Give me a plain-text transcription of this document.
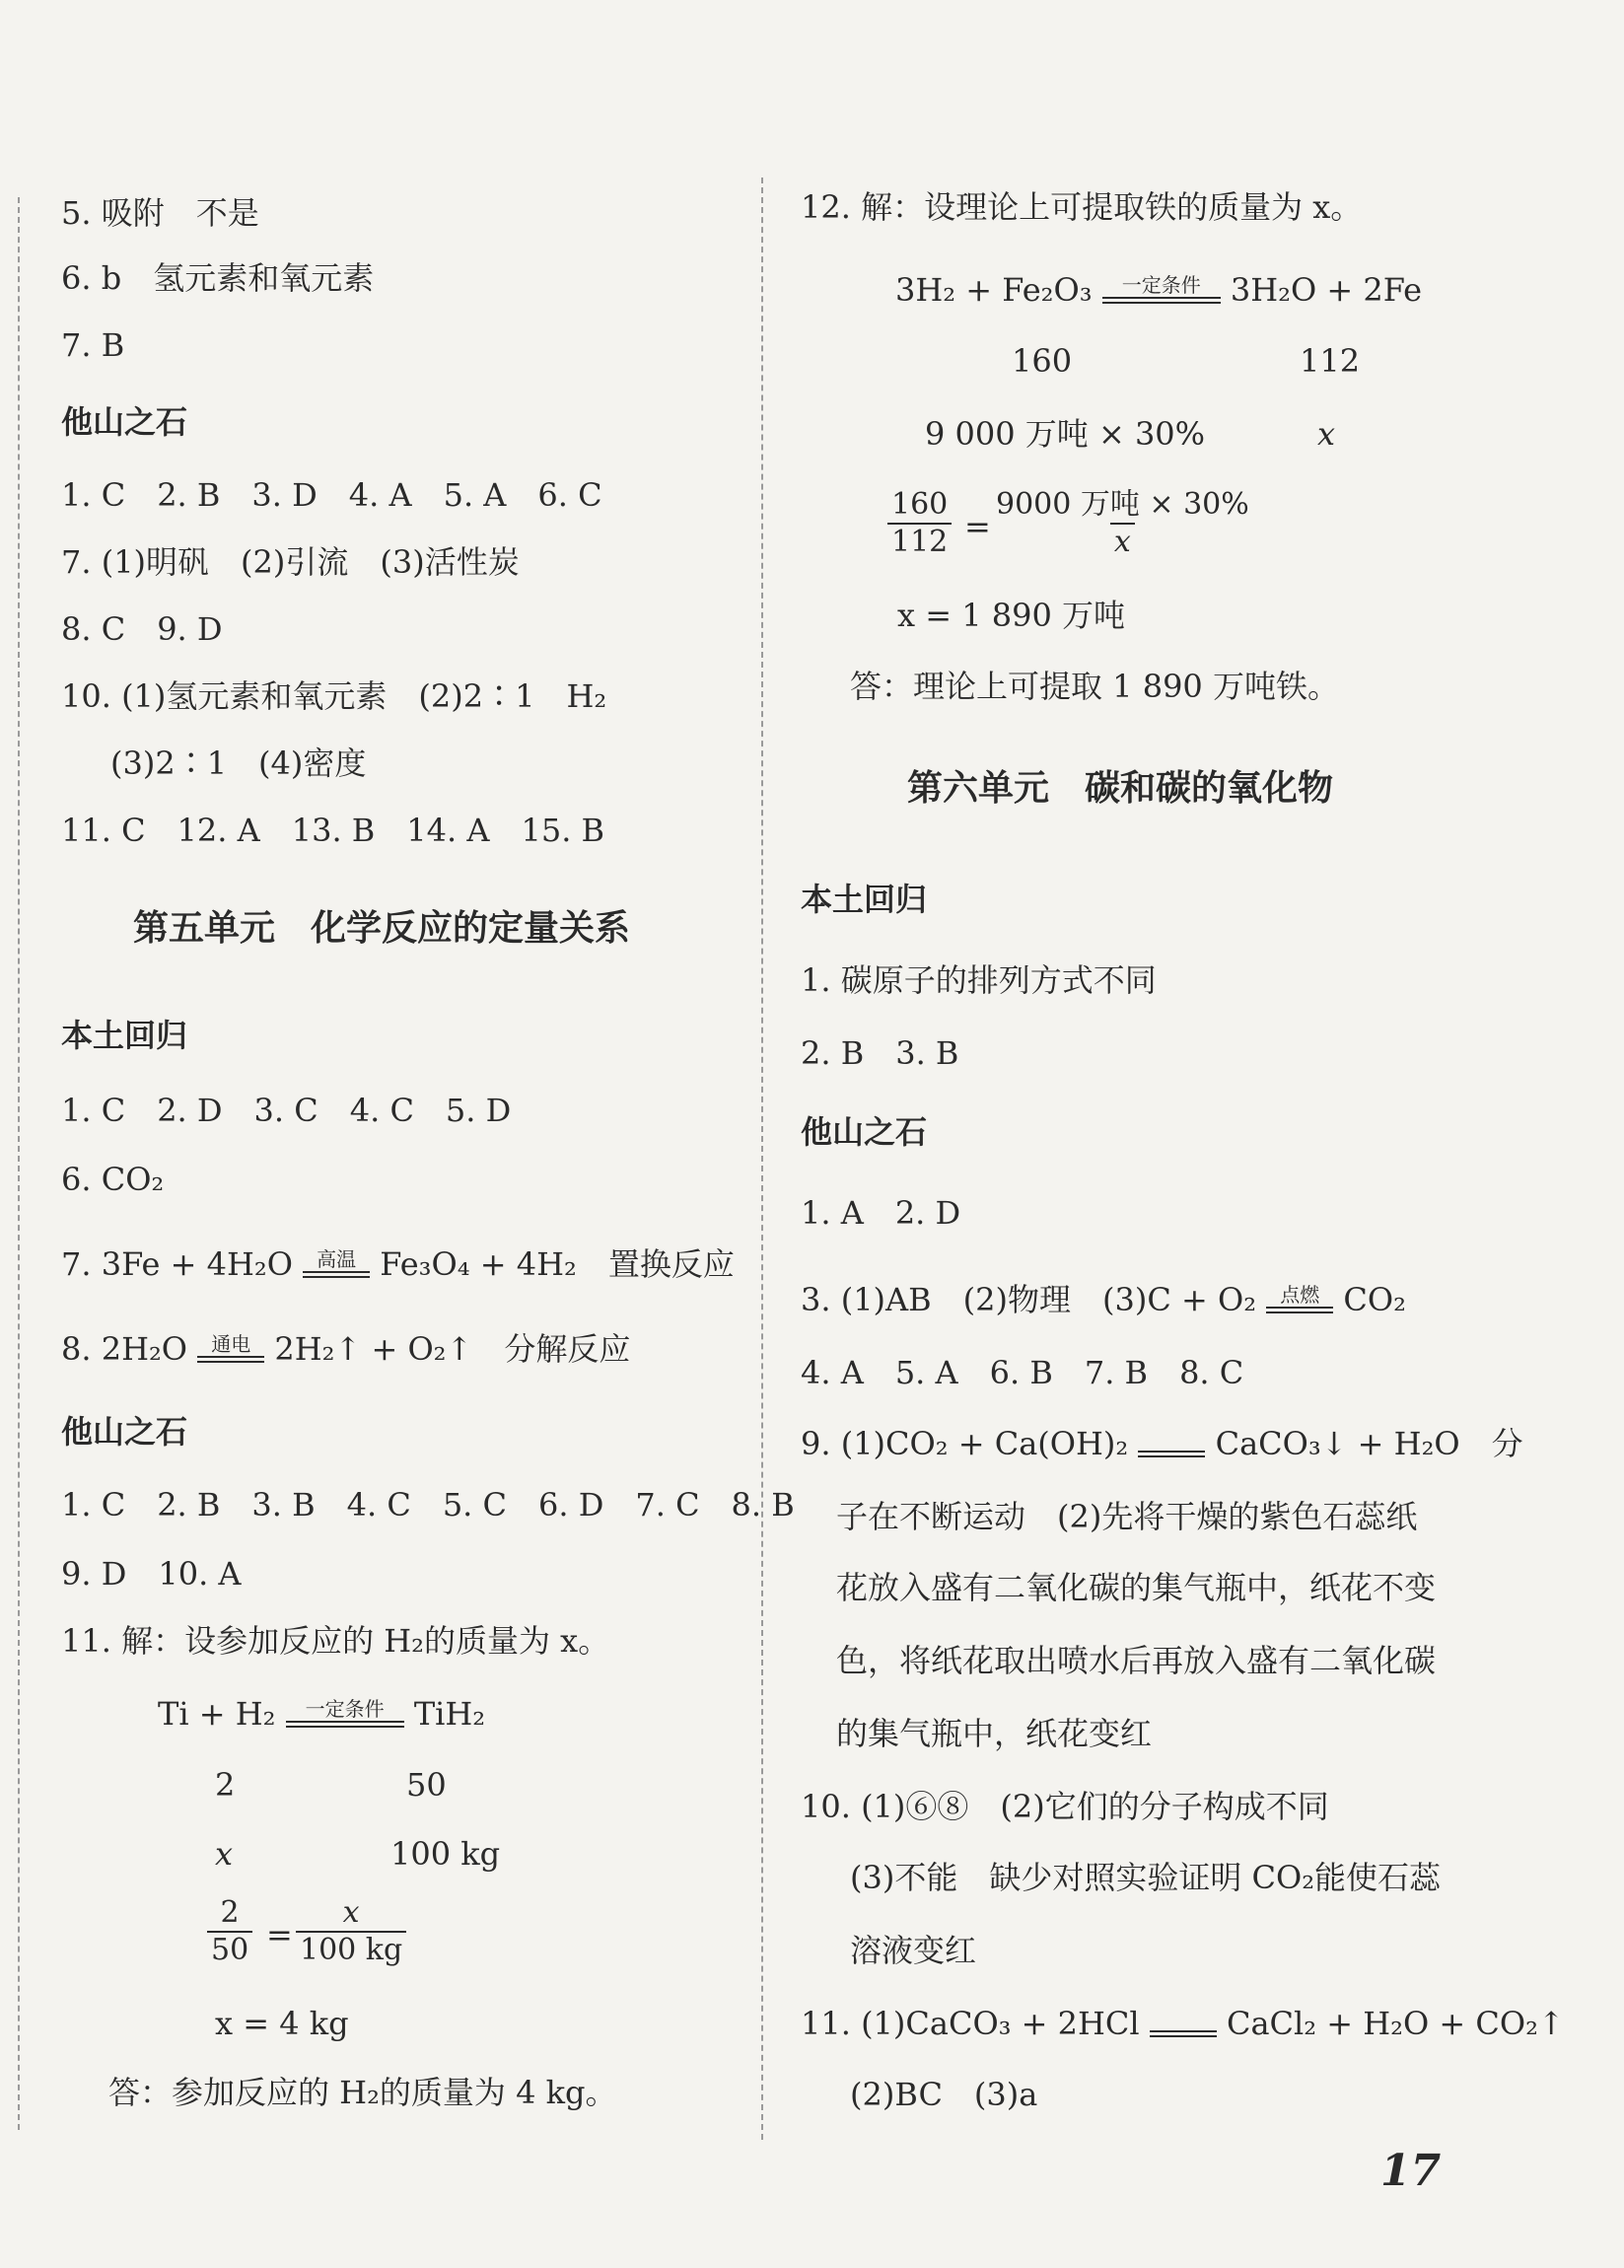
5. 吸附　不是
6. b　氢元素和氧元素
7. B
他山之石
1. C　2. B　3. D　4. A　5. A　6. C
7. (1)明矾　(2)引流　(3)活性炭
8. C　9. D
10. (1)氢元素和氧元素　(2)2∶1　H₂
(3)2∶1　(4)密度
11. C　12. A　13. B　14. A　15. B
第五单元　化学反应的定量关系
本土回归
1. C　2. D　3. C　4. C　5. D
6. CO₂
7. 3Fe + 4H₂O	高温 Fe₃O₄ + 4H₂　置换反应
8. 2H₂O	通电 2H₂↑ + O₂↑　分解反应
他山之石
1. C　2. B　3. B　4. C　5. C　6. D　7. C　8. B
9. D　10. A
11. 解：设参加反应的 H₂的质量为 x。
Ti + H₂	一定条件 TiH₂
2	50
x	100 kg
$\frac{2}{50} = \frac{x}{100 kg}$
x = 4 kg
答：参加反应的 H₂的质量为 4 kg。
12. 解：设理论上可提取铁的质量为 x。
3H₂ + Fe₂O₃	一定条件 3H₂O + 2Fe
160	112
9 000 万吨 × 30%	x
$\frac{160}{112}$ =
9000 万吨 × 30%
x
x = 1 890 万吨
答：理论上可提取 1 890 万吨铁。
第六单元　碳和碳的氧化物
本土回归
1. 碳原子的排列方式不同
2. B　3. B
他山之石
1. A　2. D
3. (1)AB　(2)物理　(3)C + O₂	点燃 CO₂
4. A　5. A　6. B　7. B　8. C
9. (1)CO₂ + Ca(OH)₂	CaCO₃↓ + H₂O　分
子在不断运动　(2)先将干燥的紫色石蕊纸
花放入盛有二氧化碳的集气瓶中，纸花不变
色，将纸花取出喷水后再放入盛有二氧化碳
的集气瓶中，纸花变红
10. (1)⑥⑧　(2)它们的分子构成不同
(3)不能　缺少对照实验证明 CO₂能使石蕊
溶液变红
11. (1)CaCO₃ + 2HCl	CaCl₂ + H₂O + CO₂↑
(2)BC　(3)a
17
